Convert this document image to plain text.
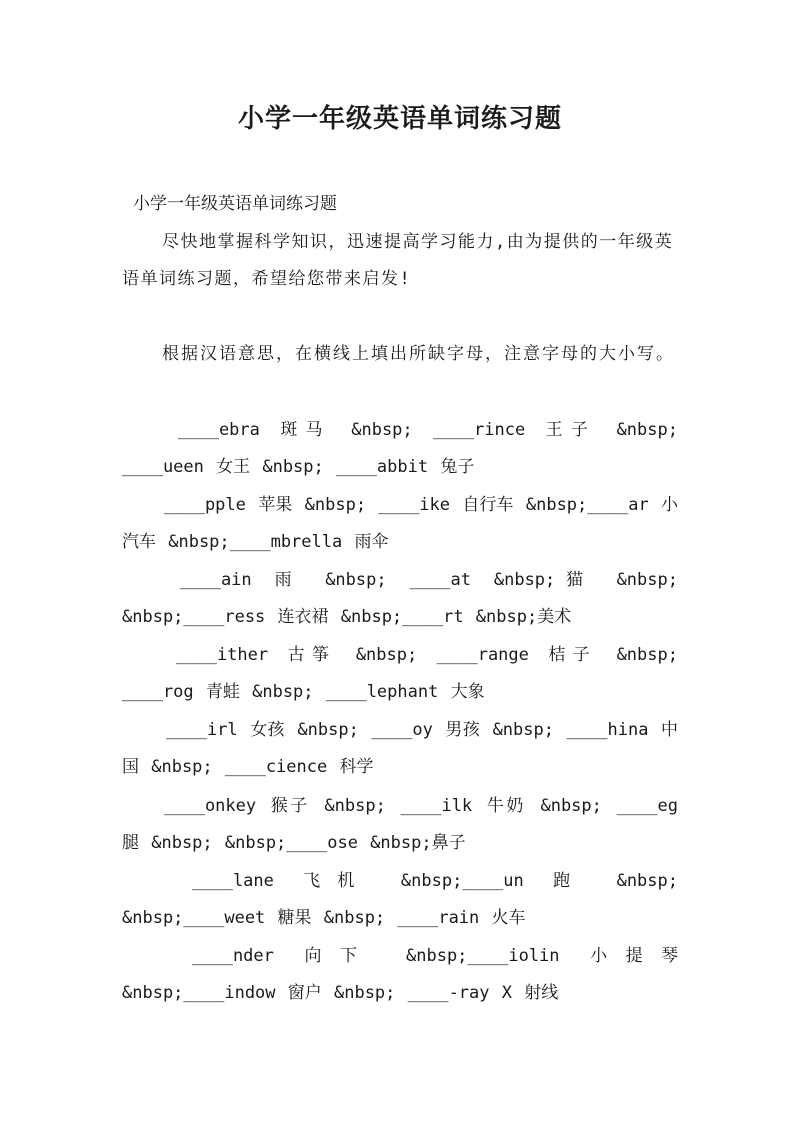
小学一年级英语单词练习题

小学一年级英语单词练习题

尽快地掌握科学知识，迅速提高学习能力,由为提供的一年级英语单词练习题，希望给您带来启发!

根据汉语意思，在横线上填出所缺字母，注意字母的大小写。

____ebra 斑马 &nbsp; ____rince 王子 &nbsp; ____ueen 女王 &nbsp; ____abbit 兔子

____pple 苹果 &nbsp; ____ike 自行车 &nbsp;____ar 小汽车 &nbsp;____mbrella 雨伞

____ain 雨 &nbsp; ____at &nbsp;猫 &nbsp; &nbsp;____ress 连衣裙 &nbsp;____rt &nbsp;美术

____ither 古筝 &nbsp; ____range 桔子 &nbsp; ____rog 青蛙 &nbsp; ____lephant 大象

____irl 女孩 &nbsp; ____oy 男孩 &nbsp; ____hina 中国 &nbsp; ____cience 科学

____onkey 猴子 &nbsp; ____ilk 牛奶 &nbsp; ____eg 腿 &nbsp; &nbsp;____ose &nbsp;鼻子

____lane 飞机 &nbsp;____un 跑 &nbsp; &nbsp;____weet 糖果 &nbsp; ____rain 火车

____nder 向下 &nbsp;____iolin 小提琴 &nbsp;____indow 窗户 &nbsp; ____-ray X 射线
